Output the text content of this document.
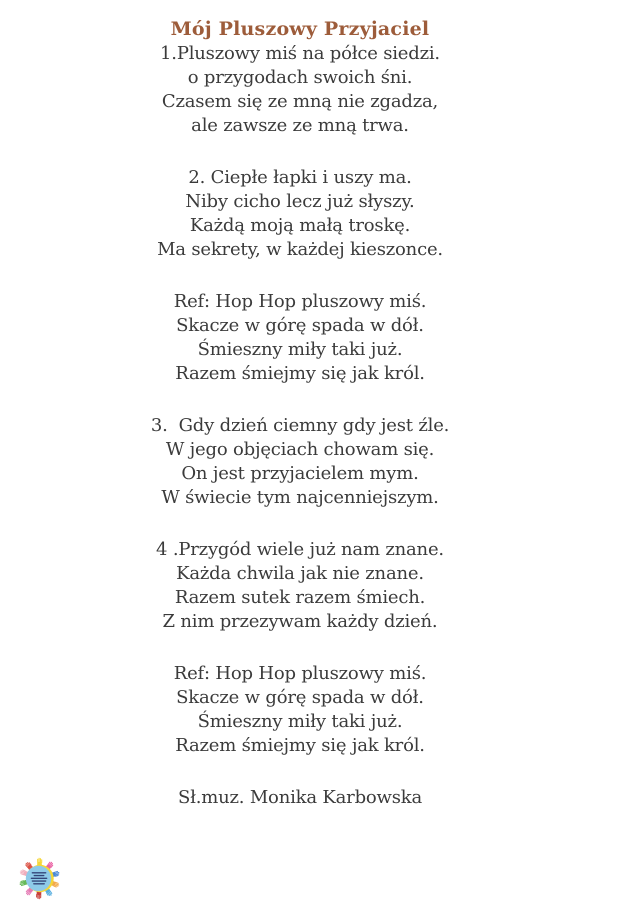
Mój Pluszowy Przyjaciel

1.Pluszowy miś na półce siedzi.

o przygodach swoich śni.

Czasem się ze mną nie zgadza,

ale zawsze ze mną trwa.

2. Ciepłe łapki i uszy ma.

Niby cicho lecz już słyszy.

Każdą moją małą troskę.

Ma sekrety, w każdej kieszonce.

Ref: Hop Hop pluszowy miś.

Skacze w górę spada w dół.

Śmieszny miły taki już.

Razem śmiejmy się jak król.

3.  Gdy dzień ciemny gdy jest źle.

W jego objęciach chowam się.

On jest przyjacielem mym.

W świecie tym najcenniejszym.

4 .Przygód wiele już nam znane.

Każda chwila jak nie znane.

Razem sutek razem śmiech.

Z nim przezywam każdy dzień.

Ref: Hop Hop pluszowy miś.

Skacze w górę spada w dół.

Śmieszny miły taki już.

Razem śmiejmy się jak król.

Sł.muz. Monika Karbowska
